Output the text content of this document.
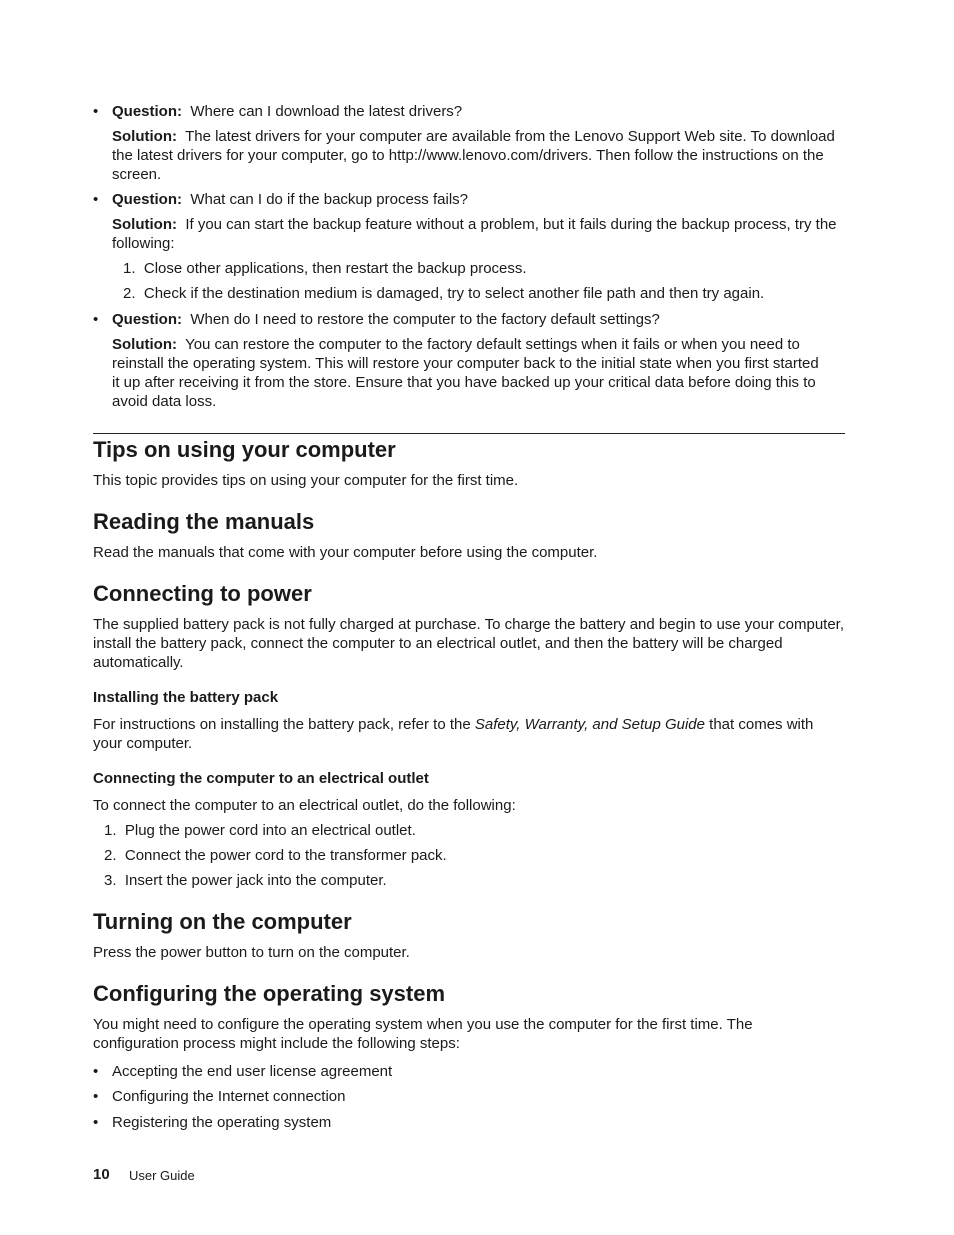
• Question: Where can I download the latest drivers?
Solution: The latest drivers for your computer are available from the Lenovo Support Web site. To download the latest drivers for your computer, go to http://www.lenovo.com/drivers. Then follow the instructions on the screen.
• Question: What can I do if the backup process fails?
Solution: If you can start the backup feature without a problem, but it fails during the backup process, try the following:
1.  Close other applications, then restart the backup process.
2.  Check if the destination medium is damaged, try to select another file path and then try again.
• Question: When do I need to restore the computer to the factory default settings?
Solution: You can restore the computer to the factory default settings when it fails or when you need to reinstall the operating system. This will restore your computer back to the initial state when you first started it up after receiving it from the store. Ensure that you have backed up your critical data before doing this to avoid data loss.
Tips on using your computer
This topic provides tips on using your computer for the first time.
Reading the manuals
Read the manuals that come with your computer before using the computer.
Connecting to power
The supplied battery pack is not fully charged at purchase. To charge the battery and begin to use your computer, install the battery pack, connect the computer to an electrical outlet, and then the battery will be charged automatically.
Installing the battery pack
For instructions on installing the battery pack, refer to the Safety, Warranty, and Setup Guide that comes with your computer.
Connecting the computer to an electrical outlet
To connect the computer to an electrical outlet, do the following:
1.  Plug the power cord into an electrical outlet.
2.  Connect the power cord to the transformer pack.
3.  Insert the power jack into the computer.
Turning on the computer
Press the power button to turn on the computer.
Configuring the operating system
You might need to configure the operating system when you use the computer for the first time. The configuration process might include the following steps:
• Accepting the end user license agreement
• Configuring the Internet connection
• Registering the operating system
10 User Guide
